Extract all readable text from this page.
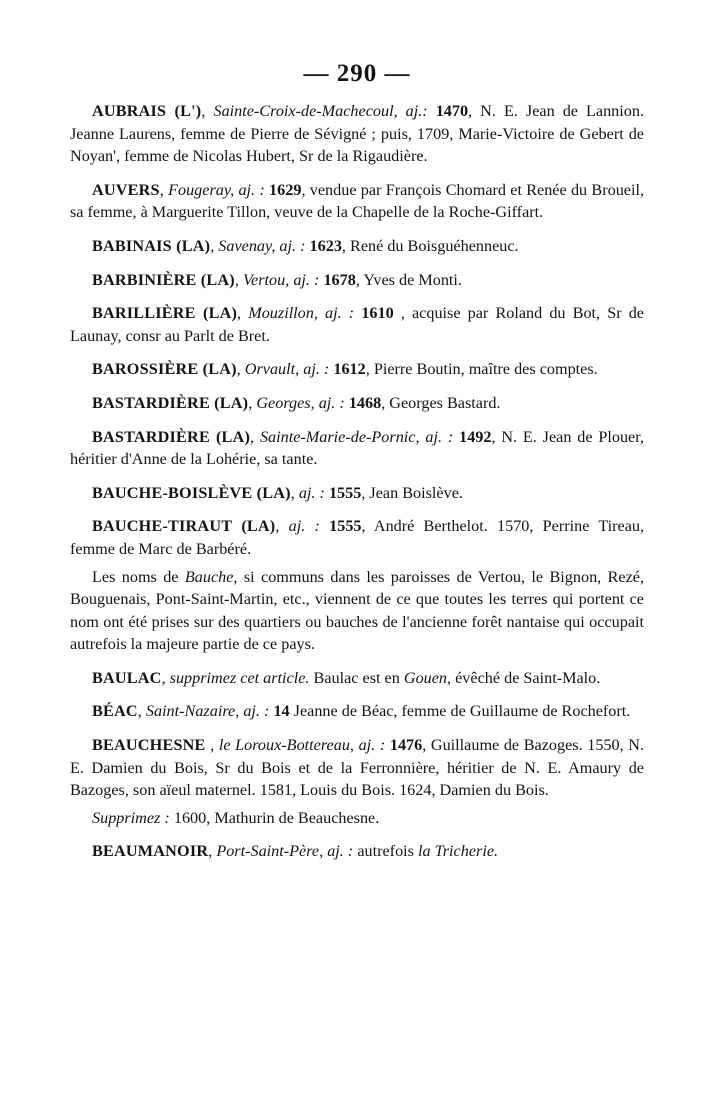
— 290 —

AUBRAIS (L'), Sainte-Croix-de-Machecoul, aj.: 1470, N. E. Jean de Lannion. Jeanne Laurens, femme de Pierre de Sévigné ; puis, 1709, Marie-Victoire de Gebert de Noyan', femme de Nicolas Hubert, Sr de la Rigaudière.

AUVERS, Fougeray, aj. : 1629, vendue par François Chomard et Renée du Broueil, sa femme, à Marguerite Tillon, veuve de la Chapelle de la Roche-Giffart.

BABINAIS (LA), Savenay, aj. : 1623, René du Boisguéhenneuc.

BARBINIÈRE (LA), Vertou, aj. : 1678, Yves de Monti.

BARILLIÈRE (LA), Mouzillon, aj. : 1610 , acquise par Roland du Bot, Sr de Launay, consr au Parlt de Bret.

BAROSSIÈRE (LA), Orvault, aj. : 1612, Pierre Boutin, maître des comptes.

BASTARDIÈRE (LA), Georges, aj. : 1468, Georges Bastard.

BASTARDIÈRE (LA), Sainte-Marie-de-Pornic, aj. : 1492, N. E. Jean de Plouer, héritier d'Anne de la Lohérie, sa tante.

BAUCHE-BOISLÈVE (LA), aj. : 1555, Jean Boislève.

BAUCHE-TIRAUT (LA), aj. : 1555, André Berthelot. 1570, Perrine Tireau, femme de Marc de Barbéré.

Les noms de Bauche, si communs dans les paroisses de Vertou, le Bignon, Rezé, Bouguenais, Pont-Saint-Martin, etc., viennent de ce que toutes les terres qui portent ce nom ont été prises sur des quartiers ou bauches de l'ancienne forêt nantaise qui occupait autrefois la majeure partie de ce pays.

BAULAC, supprimez cet article. Baulac est en Gouen, évêché de Saint-Malo.

BÉAC, Saint-Nazaire, aj. : 14 Jeanne de Béac, femme de Guillaume de Rochefort.

BEAUCHESNE , le Loroux-Bottereau, aj. : 1476, Guillaume de Bazoges. 1550, N. E. Damien du Bois, Sr du Bois et de la Ferronnière, héritier de N. E. Amaury de Bazoges, son aïeul maternel. 1581, Louis du Bois. 1624, Damien du Bois.

Supprimez : 1600, Mathurin de Beauchesne.

BEAUMANOIR, Port-Saint-Père, aj. : autrefois la Tricherie.
